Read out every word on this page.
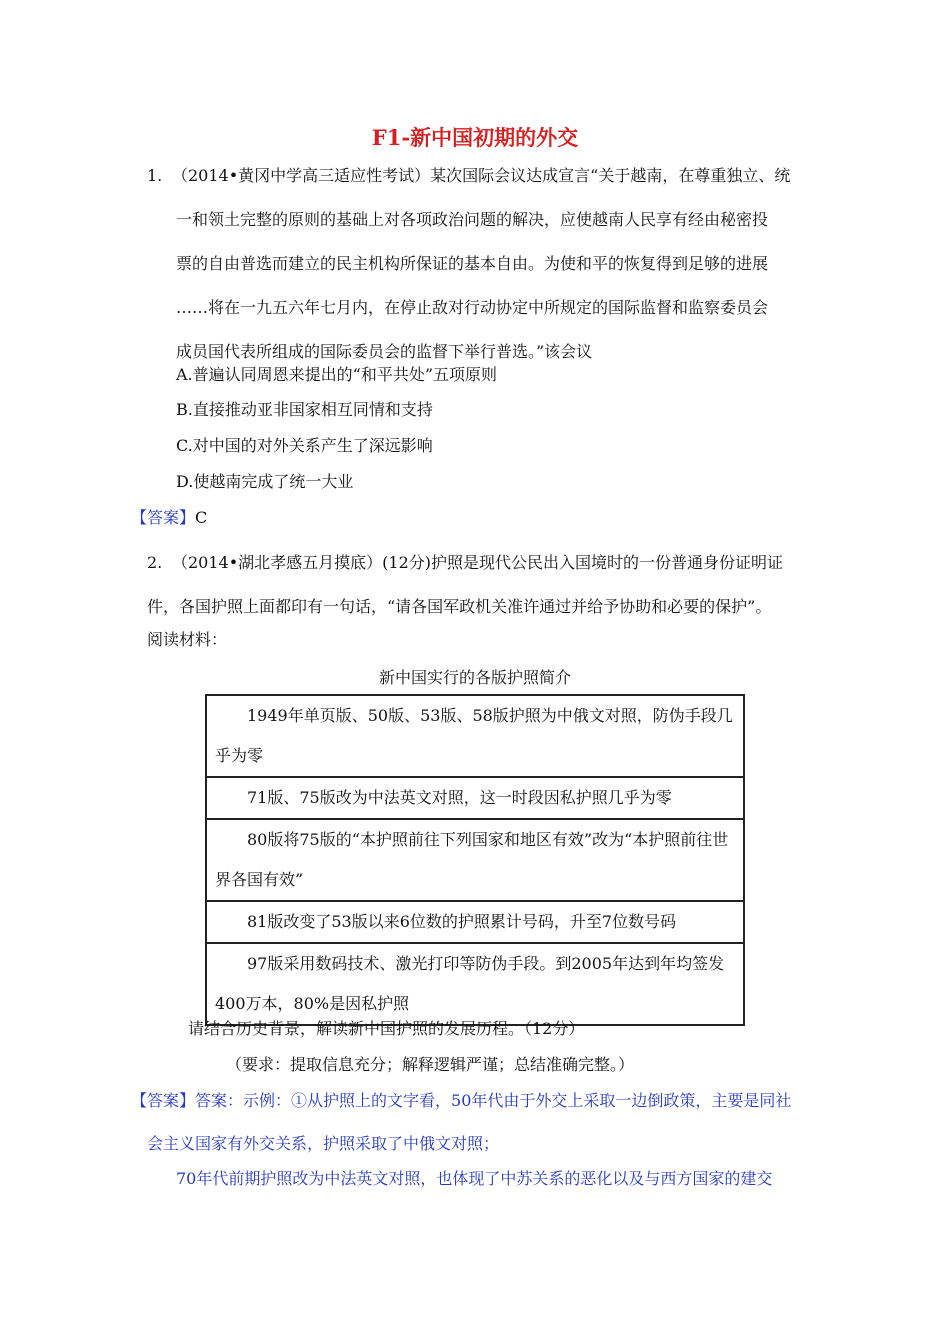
F1-新中国初期的外交
1. （2014•黄冈中学高三适应性考试）某次国际会议达成宣言“关于越南，在尊重独立、统
一和领土完整的原则的基础上对各项政治问题的解决，应使越南人民享有经由秘密投
票的自由普选而建立的民主机构所保证的基本自由。为使和平的恢复得到足够的进展
……将在一九五六年七月内，在停止敌对行动协定中所规定的国际监督和监察委员会
成员国代表所组成的国际委员会的监督下举行普选。”该会议
A.普遍认同周恩来提出的“和平共处”五项原则
B.直接推动亚非国家相互同情和支持
C.对中国的对外关系产生了深远影响
D.使越南完成了统一大业
【答案】C
2. （2014•湖北孝感五月摸底）(12分)护照是现代公民出入国境时的一份普通身份证明证
件，各国护照上面都印有一句话，“请各国军政机关准许通过并给予协助和必要的保护”。
阅读材料：
新中国实行的各版护照简介
1949年单页版、50版、53版、58版护照为中俄文对照，防伪手段几乎为零

71版、75版改为中法英文对照，这一时段因私护照几乎为零

80版将75版的“本护照前往下列国家和地区有效”改为“本护照前往世界各国有效”

81版改变了53版以来6位数的护照累计号码，升至7位数号码

97版采用数码技术、激光打印等防伪手段。到2005年达到年均签发400万本，80%是因私护照
请结合历史背景，解读新中国护照的发展历程。（12分）
（要求：提取信息充分；解释逻辑严谨；总结准确完整。）
【答案】答案：示例：①从护照上的文字看，50年代由于外交上采取一边倒政策，主要是同社
会主义国家有外交关系，护照采取了中俄文对照；
70年代前期护照改为中法英文对照，也体现了中苏关系的恶化以及与西方国家的建交
